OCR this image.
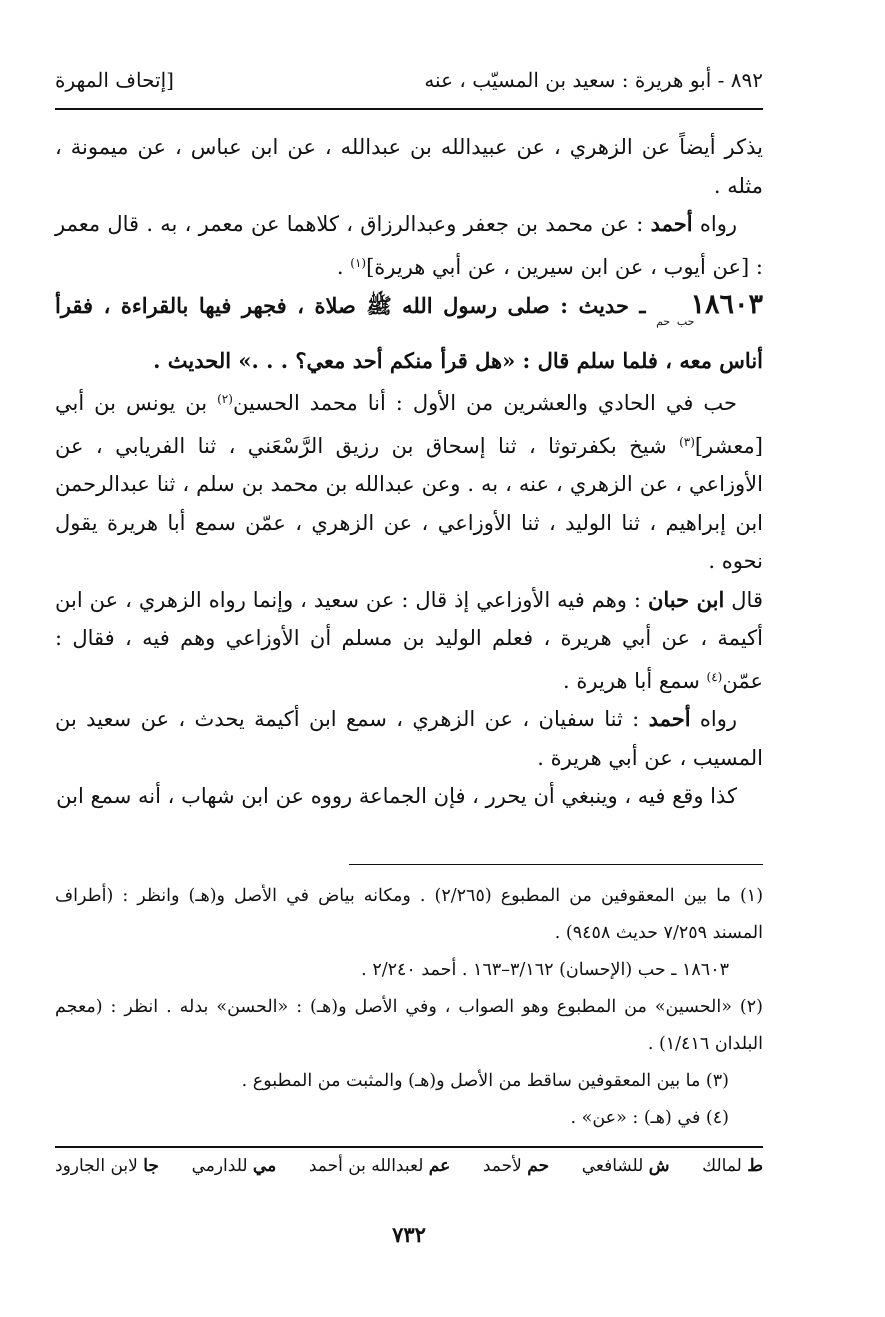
٨٩٢ - أبو هريرة : سعيد بن المسيّب ، عنه
[إتحاف المهرة

يذكر أيضاً عن الزهري ، عن عبيدالله بن عبدالله ، عن ابن عباس ، عن ميمونة ، مثله .

رواه أحمد : عن محمد بن جعفر وعبدالرزاق ، كلاهما عن معمر ، به . قال معمر : [عن أيوب ، عن ابن سيرين ، عن أبي هريرة]$^{(١)}$ .

$١٨٦٠٣_{حب حم}$ ـ حديث : صلى رسول الله ﷺ صلاة ، فجهر فيها بالقراءة ، فقرأ أناس معه ، فلما سلم قال : «هل قرأ منكم أحد معي؟ . . .» الحديث .

حب في الحادي والعشرين من الأول : أنا محمد الحسين$^{(٢)}$ بن يونس بن أبي [معشر]$^{(٣)}$ شيخ بكفرتوثا ، ثنا إسحاق بن رزيق الرَّسْعَني ، ثنا الفريابي ، عن الأوزاعي ، عن الزهري ، عنه ، به . وعن عبدالله بن محمد بن سلم ، ثنا عبدالرحمن ابن إبراهيم ، ثنا الوليد ، ثنا الأوزاعي ، عن الزهري ، عمّن سمع أبا هريرة يقول نحوه .

قال ابن حبان : وهم فيه الأوزاعي إذ قال : عن سعيد ، وإنما رواه الزهري ، عن ابن أكيمة ، عن أبي هريرة ، فعلم الوليد بن مسلم أن الأوزاعي وهم فيه ، فقال : عمّن$^{(٤)}$ سمع أبا هريرة .

رواه أحمد : ثنا سفيان ، عن الزهري ، سمع ابن أكيمة يحدث ، عن سعيد بن المسيب ، عن أبي هريرة .

كذا وقع فيه ، وينبغي أن يحرر ، فإن الجماعة رووه عن ابن شهاب ، أنه سمع ابن

(١) ما بين المعقوفين من المطبوع (٢/٢٦٥) . ومكانه بياض في الأصل و(هـ) وانظر : (أطراف المسند ٧/٢٥٩ حديث ٩٤٥٨) .

١٨٦٠٣ ـ حب (الإحسان) ٣/١٦٢–١٦٣ . أحمد ٢/٢٤٠ .

(٢) «الحسين» من المطبوع وهو الصواب ، وفي الأصل و(هـ) : «الحسن» بدله . انظر : (معجم البلدان ١/٤١٦) .

(٣) ما بين المعقوفين ساقط من الأصل و(هـ) والمثبت من المطبوع .

(٤) في (هـ) : «عن» .

ط لمالك
ش للشافعي
حم لأحمد
عم لعبدالله بن أحمد
مي للدارمي
جا لابن الجارود
٧٣٢
